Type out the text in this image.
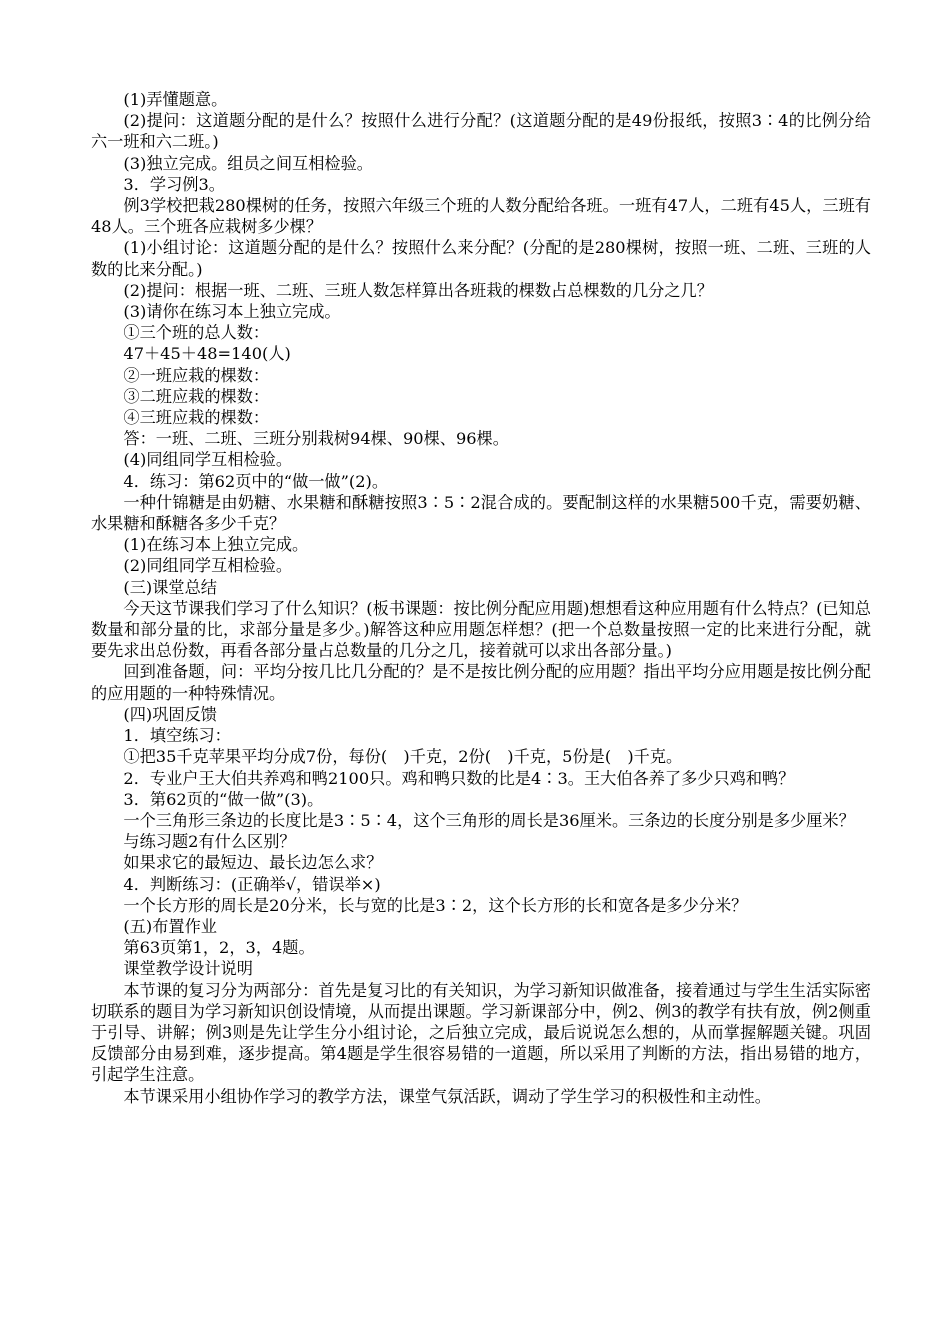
(1)弄懂题意。

(2)提问：这道题分配的是什么？按照什么进行分配？(这道题分配的是49份报纸，按照3∶4的比例分给六一班和六二班。)

(3)独立完成。组员之间互相检验。

3．学习例3。

例3学校把栽280棵树的任务，按照六年级三个班的人数分配给各班。一班有47人，二班有45人，三班有48人。三个班各应栽树多少棵？

(1)小组讨论：这道题分配的是什么？按照什么来分配？(分配的是280棵树，按照一班、二班、三班的人数的比来分配。)

(2)提问：根据一班、二班、三班人数怎样算出各班栽的棵数占总棵数的几分之几？

(3)请你在练习本上独立完成。

①三个班的总人数：

47＋45＋48=140(人)

②一班应栽的棵数：

③二班应栽的棵数：

④三班应栽的棵数：

答：一班、二班、三班分别栽树94棵、90棵、96棵。

(4)同组同学互相检验。

4．练习：第62页中的“做一做”(2)。

一种什锦糖是由奶糖、水果糖和酥糖按照3∶5∶2混合成的。要配制这样的水果糖500千克，需要奶糖、水果糖和酥糖各多少千克？

(1)在练习本上独立完成。

(2)同组同学互相检验。

(三)课堂总结

今天这节课我们学习了什么知识？(板书课题：按比例分配应用题)想想看这种应用题有什么特点？(已知总数量和部分量的比，求部分量是多少。)解答这种应用题怎样想？(把一个总数量按照一定的比来进行分配，就要先求出总份数，再看各部分量占总数量的几分之几，接着就可以求出各部分量。)

回到准备题，问：平均分按几比几分配的？是不是按比例分配的应用题？指出平均分应用题是按比例分配的应用题的一种特殊情况。

(四)巩固反馈

1．填空练习：

①把35千克苹果平均分成7份，每份(　)千克，2份(　)千克，5份是(　)千克。

2．专业户王大伯共养鸡和鸭2100只。鸡和鸭只数的比是4∶3。王大伯各养了多少只鸡和鸭？

3．第62页的“做一做”(3)。

一个三角形三条边的长度比是3∶5∶4，这个三角形的周长是36厘米。三条边的长度分别是多少厘米？

与练习题2有什么区别？

如果求它的最短边、最长边怎么求？

4．判断练习：(正确举√，错误举×)

一个长方形的周长是20分米，长与宽的比是3∶2，这个长方形的长和宽各是多少分米？

(五)布置作业

第63页第1，2，3，4题。

课堂教学设计说明

本节课的复习分为两部分：首先是复习比的有关知识，为学习新知识做准备，接着通过与学生生活实际密切联系的题目为学习新知识创设情境，从而提出课题。学习新课部分中，例2、例3的教学有扶有放，例2侧重于引导、讲解；例3则是先让学生分小组讨论，之后独立完成，最后说说怎么想的，从而掌握解题关键。巩固反馈部分由易到难，逐步提高。第4题是学生很容易错的一道题，所以采用了判断的方法，指出易错的地方，引起学生注意。

本节课采用小组协作学习的教学方法，课堂气氛活跃，调动了学生学习的积极性和主动性。
